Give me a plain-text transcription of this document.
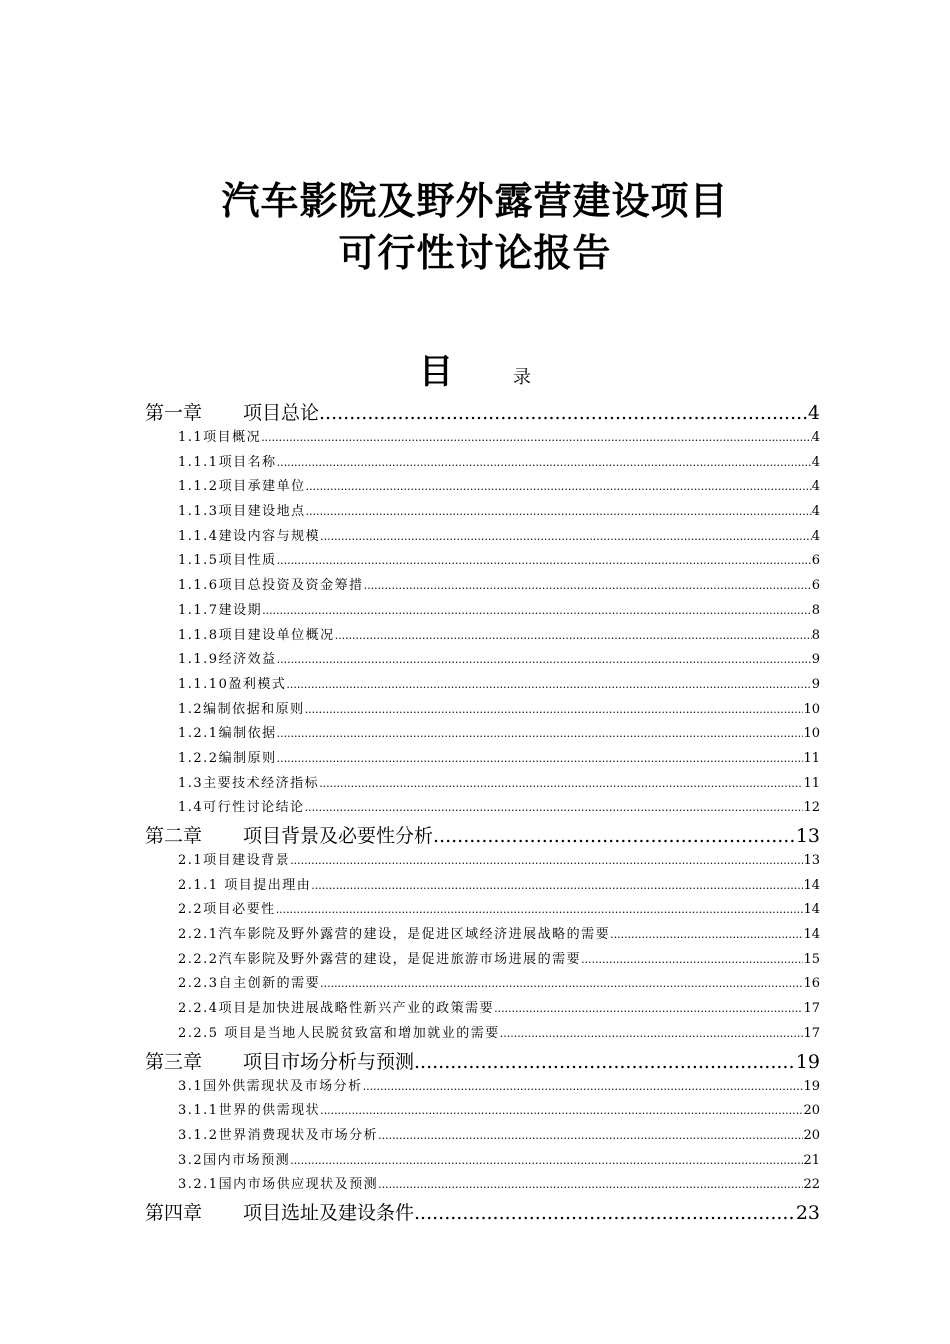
汽车影院及野外露营建设项目
可行性讨论报告
目	录
第一章	项目总论 .....	4
1.1项目概况 .....	4
1.1.1项目名称 .....	4
1.1.2项目承建单位 .....	4
1.1.3项目建设地点 .....	4
1.1.4建设内容与规模 .....	4
1.1.5项目性质 .....	6
1.1.6项目总投资及资金筹措 .....	6
1.1.7建设期 .....	8
1.1.8项目建设单位概况 .....	8
1.1.9经济效益 .....	9
1.1.10盈利模式 .....	9
1.2编制依据和原则 .....	10
1.2.1编制依据 .....	10
1.2.2编制原则 .....	11
1.3主要技术经济指标 .....	11
1.4可行性讨论结论 .....	12
第二章	项目背景及必要性分析 .....	13
2.1项目建设背景 .....	13
2.1.1 项目提出理由 .....	14
2.2项目必要性 .....	14
2.2.1汽车影院及野外露营的建设，是促进区域经济进展战略的需要 .....	14
2.2.2汽车影院及野外露营的建设，是促进旅游市场进展的需要 .....	15
2.2.3自主创新的需要 .....	16
2.2.4项目是加快进展战略性新兴产业的政策需要 .....	17
2.2.5 项目是当地人民脱贫致富和增加就业的需要 .....	17
第三章	项目市场分析与预测 .....	19
3.1国外供需现状及市场分析 .....	19
3.1.1世界的供需现状 .....	20
3.1.2世界消费现状及市场分析 .....	20
3.2国内市场预测 .....	21
3.2.1国内市场供应现状及预测 .....	22
第四章	项目选址及建设条件 .....	23
